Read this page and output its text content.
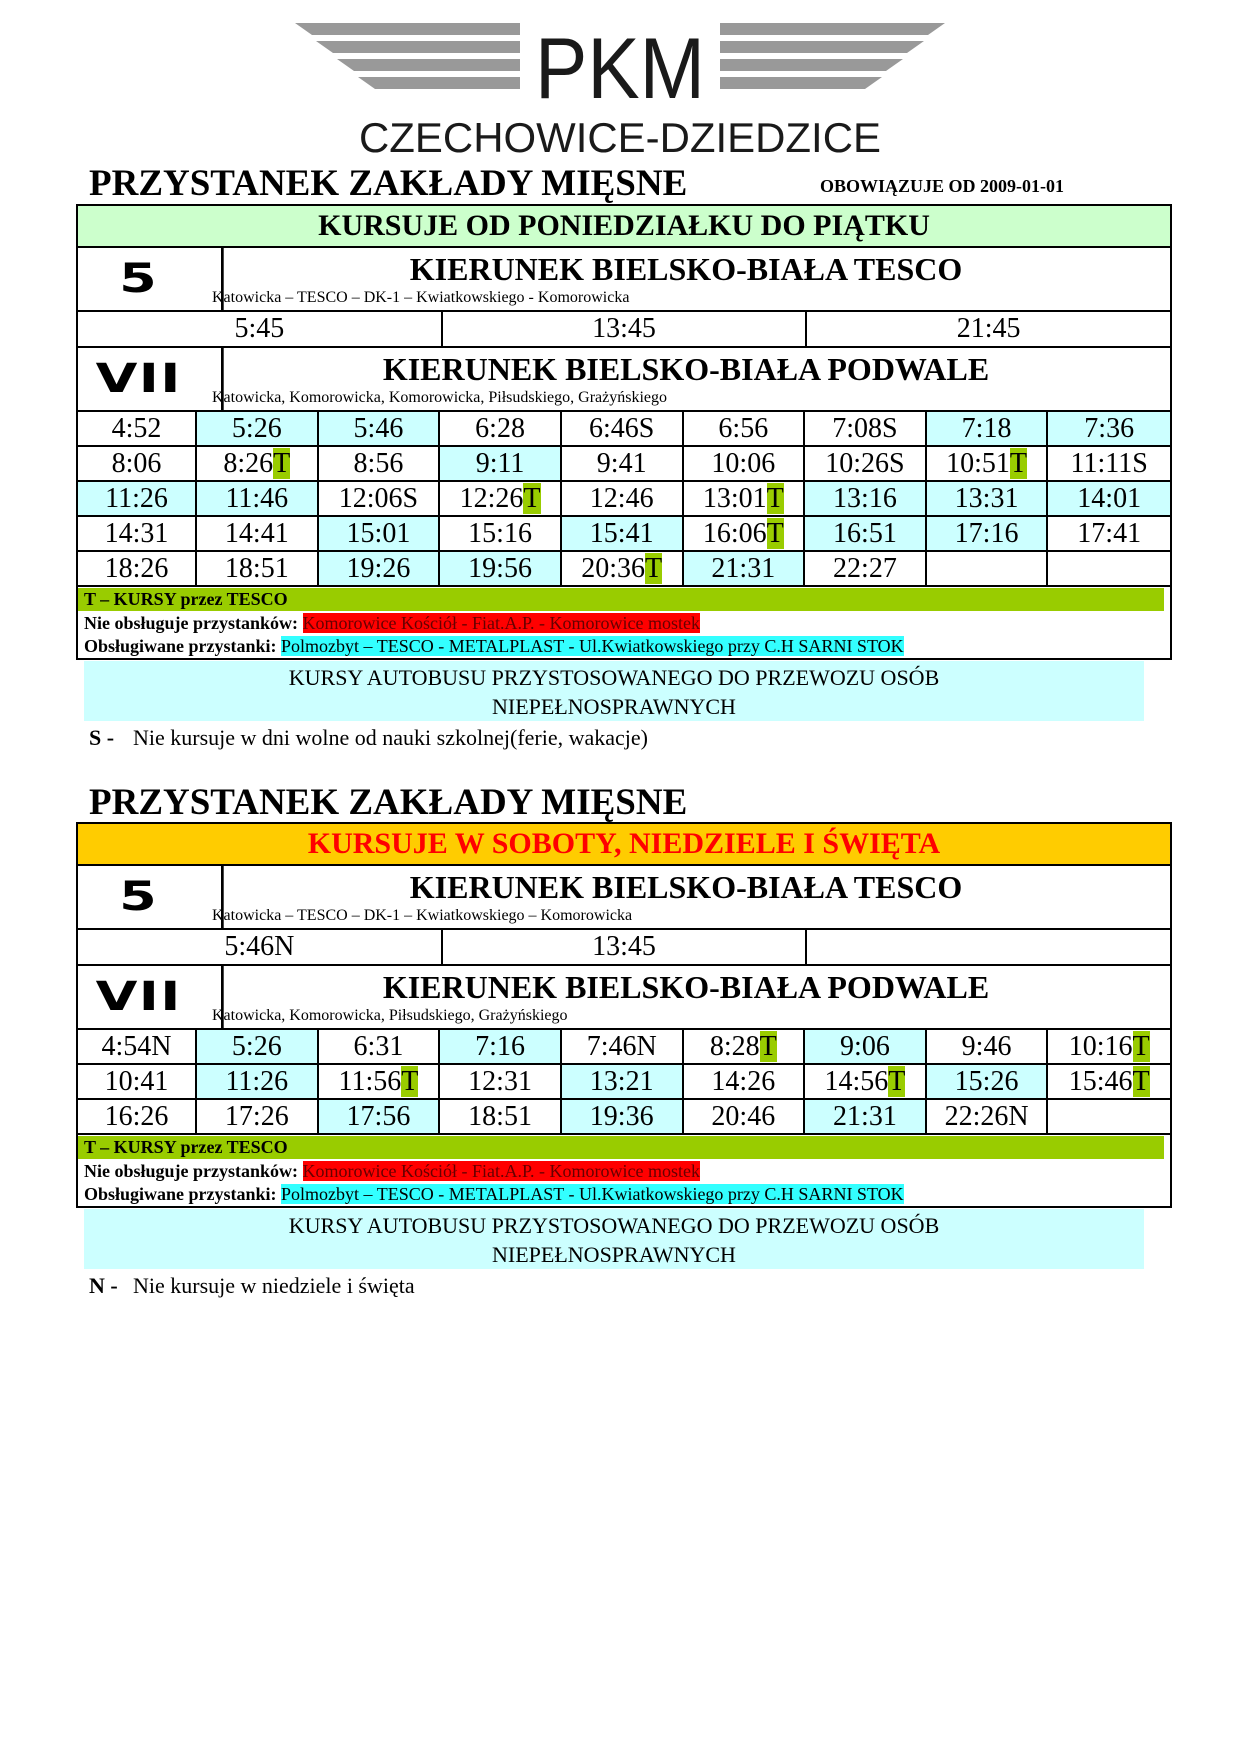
PKM
CZECHOWICE-DZIEDZICE
PRZYSTANEK ZAKŁADY MIĘSNE	OBOWIĄZUJE OD 2009-01-01
KURSUJE OD PONIEDZIAŁKU DO PIĄTKU
5	KIERUNEK BIELSKO-BIAŁA TESCO
Katowicka – TESCO – DK-1 – Kwiatkowskiego - Komorowicka
5:45	13:45	21:45
VII	KIERUNEK BIELSKO-BIAŁA PODWALE
Katowicka, Komorowicka, Komorowicka, Piłsudskiego, Grażyńskiego
4:52	5:26	5:46	6:28	6:46S	6:56	7:08S	7:18	7:36
8:06	8:26T	8:56	9:11	9:41	10:06	10:26S	10:51T	11:11S
11:26	11:46	12:06S	12:26T	12:46	13:01T	13:16	13:31	14:01
14:31	14:41	15:01	15:16	15:41	16:06T	16:51	17:16	17:41
18:26	18:51	19:26	19:56	20:36T	21:31	22:27
T – KURSY przez TESCO
Nie obsługuje przystanków: Komorowice Kościół - Fiat.A.P. - Komorowice mostek
Obsługiwane przystanki: Polmozbyt – TESCO - METALPLAST - Ul.Kwiatkowskiego przy C.H SARNI STOK
KURSY AUTOBUSU PRZYSTOSOWANEGO DO PRZEWOZU OSÓB
NIEPEŁNOSPRAWNYCH
S - Nie kursuje w dni wolne od nauki szkolnej(ferie, wakacje)
PRZYSTANEK ZAKŁADY MIĘSNE
KURSUJE W SOBOTY, NIEDZIELE I ŚWIĘTA
5	KIERUNEK BIELSKO-BIAŁA TESCO
Katowicka – TESCO – DK-1 – Kwiatkowskiego – Komorowicka
5:46N	13:45
VII	KIERUNEK BIELSKO-BIAŁA PODWALE
Katowicka, Komorowicka, Piłsudskiego, Grażyńskiego
4:54N	5:26	6:31	7:16	7:46N	8:28T	9:06	9:46	10:16T
10:41	11:26	11:56T	12:31	13:21	14:26	14:56T	15:26	15:46T
16:26	17:26	17:56	18:51	19:36	20:46	21:31	22:26N
T – KURSY przez TESCO
Nie obsługuje przystanków: Komorowice Kościół - Fiat.A.P. - Komorowice mostek
Obsługiwane przystanki: Polmozbyt – TESCO - METALPLAST - Ul.Kwiatkowskiego przy C.H SARNI STOK
KURSY AUTOBUSU PRZYSTOSOWANEGO DO PRZEWOZU OSÓB
NIEPEŁNOSPRAWNYCH
N - Nie kursuje w niedziele i święta
